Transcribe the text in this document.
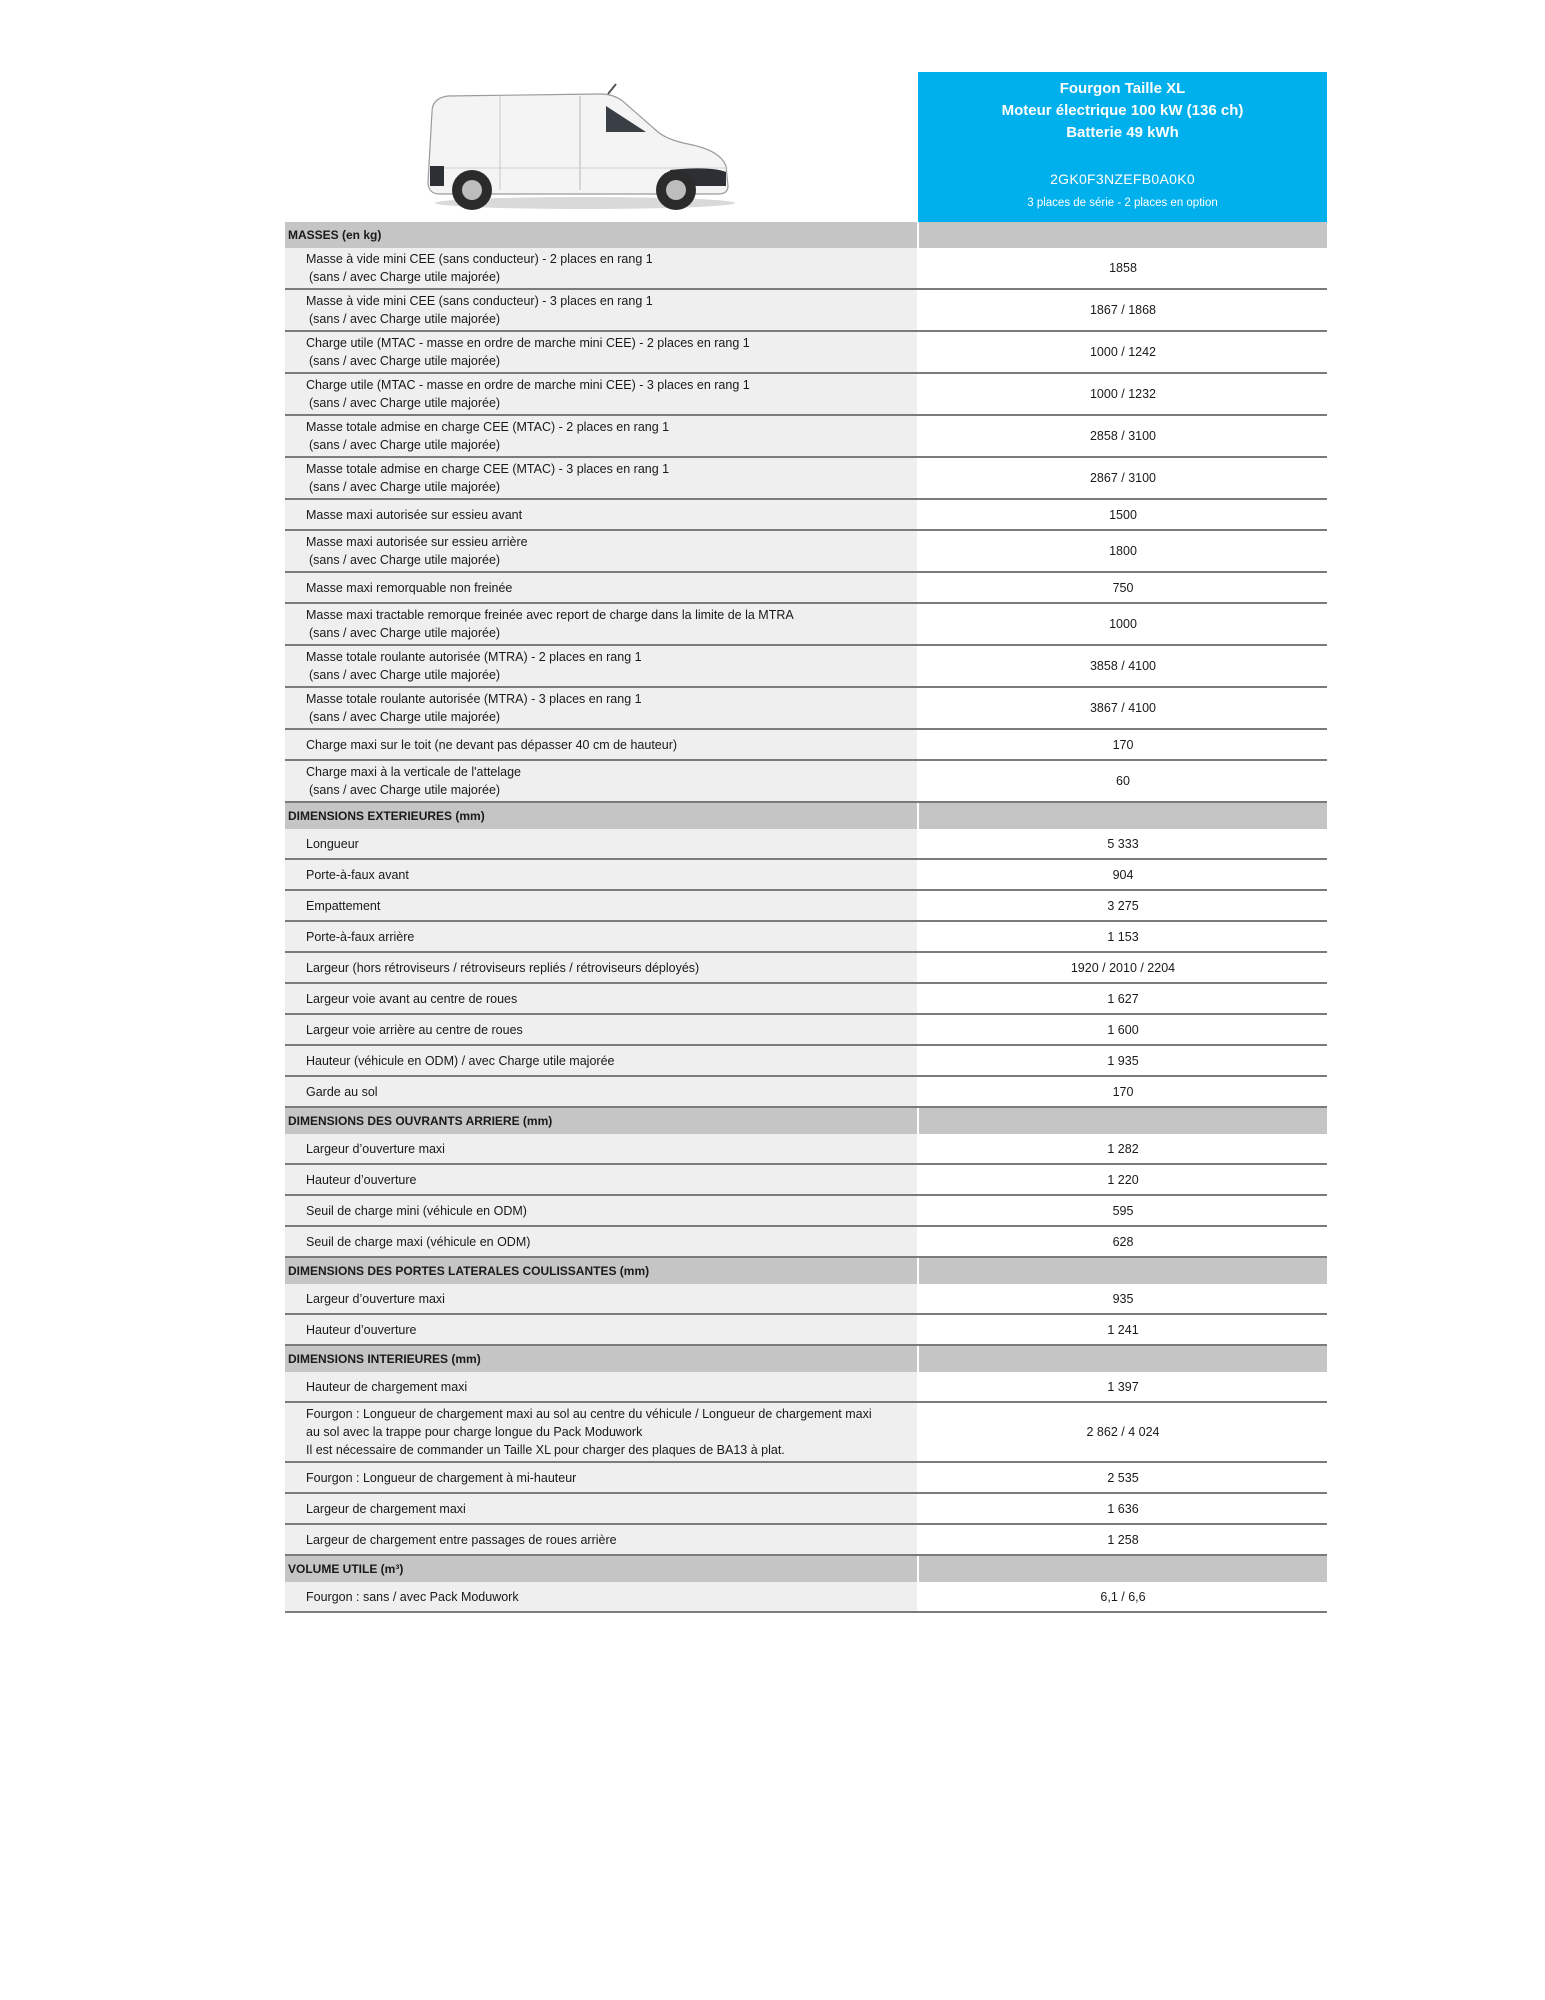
Fourgon Taille XL
Moteur électrique 100 kW (136 ch)
Batterie 49 kWh
2GK0F3NZEFB0A0K0
3 places de série - 2 places en option
MASSES (en kg)	
Masse à vide mini CEE (sans conducteur) - 2 places en rang 1
(sans / avec Charge utile majorée)	1858
Masse à vide mini CEE (sans conducteur) - 3 places en rang 1
(sans / avec Charge utile majorée)	1867 / 1868
Charge utile (MTAC - masse en ordre de marche mini CEE) - 2 places en rang 1
(sans / avec Charge utile majorée)	1000 / 1242
Charge utile (MTAC - masse en ordre de marche mini CEE) - 3 places en rang 1
(sans / avec Charge utile majorée)	1000 / 1232
Masse totale admise en charge CEE (MTAC) - 2 places en rang 1
(sans / avec Charge utile majorée)	2858 / 3100
Masse totale admise en charge CEE (MTAC) - 3 places en rang 1
(sans / avec Charge utile majorée)	2867 / 3100
Masse maxi autorisée sur essieu avant	1500
Masse maxi autorisée sur essieu arrière
(sans / avec Charge utile majorée)	1800
Masse maxi remorquable non freinée	750
Masse maxi tractable remorque freinée avec report de charge dans la limite de la MTRA
(sans / avec Charge utile majorée)	1000
Masse totale roulante autorisée (MTRA) - 2 places en rang 1
(sans / avec Charge utile majorée)	3858 / 4100
Masse totale roulante autorisée (MTRA) - 3 places en rang 1
(sans / avec Charge utile majorée)	3867 / 4100
Charge maxi sur le toit (ne devant pas dépasser 40 cm de hauteur)	170
Charge maxi à la verticale de l'attelage
(sans / avec Charge utile majorée)	60
DIMENSIONS EXTERIEURES (mm)	
Longueur	5 333
Porte-à-faux avant	904
Empattement	3 275
Porte-à-faux arrière	1 153
Largeur (hors rétroviseurs / rétroviseurs repliés / rétroviseurs déployés)	1920 / 2010 / 2204
Largeur voie avant au centre de roues	1 627
Largeur voie arrière au centre de roues	1 600
Hauteur (véhicule en ODM) / avec Charge utile majorée	1 935
Garde au sol	170
DIMENSIONS DES OUVRANTS ARRIERE (mm)	
Largeur d’ouverture maxi	1 282
Hauteur d’ouverture	1 220
Seuil de charge mini (véhicule en ODM)	595
Seuil de charge maxi (véhicule en ODM)	628
DIMENSIONS DES PORTES LATERALES COULISSANTES (mm)	
Largeur d’ouverture maxi	935
Hauteur d’ouverture	1 241
DIMENSIONS INTERIEURES (mm)	
Hauteur de chargement maxi	1 397
Fourgon : Longueur de chargement maxi au sol au centre du véhicule / Longueur de chargement maxi
au sol avec la trappe pour charge longue du Pack Moduwork
Il est nécessaire de commander un Taille XL pour charger des plaques de BA13 à plat.	2 862 / 4 024
Fourgon : Longueur de chargement à mi-hauteur	2 535
Largeur de chargement maxi	1 636
Largeur de chargement entre passages de roues arrière	1 258
VOLUME UTILE (m³)	
Fourgon : sans / avec Pack Moduwork	6,1 / 6,6
